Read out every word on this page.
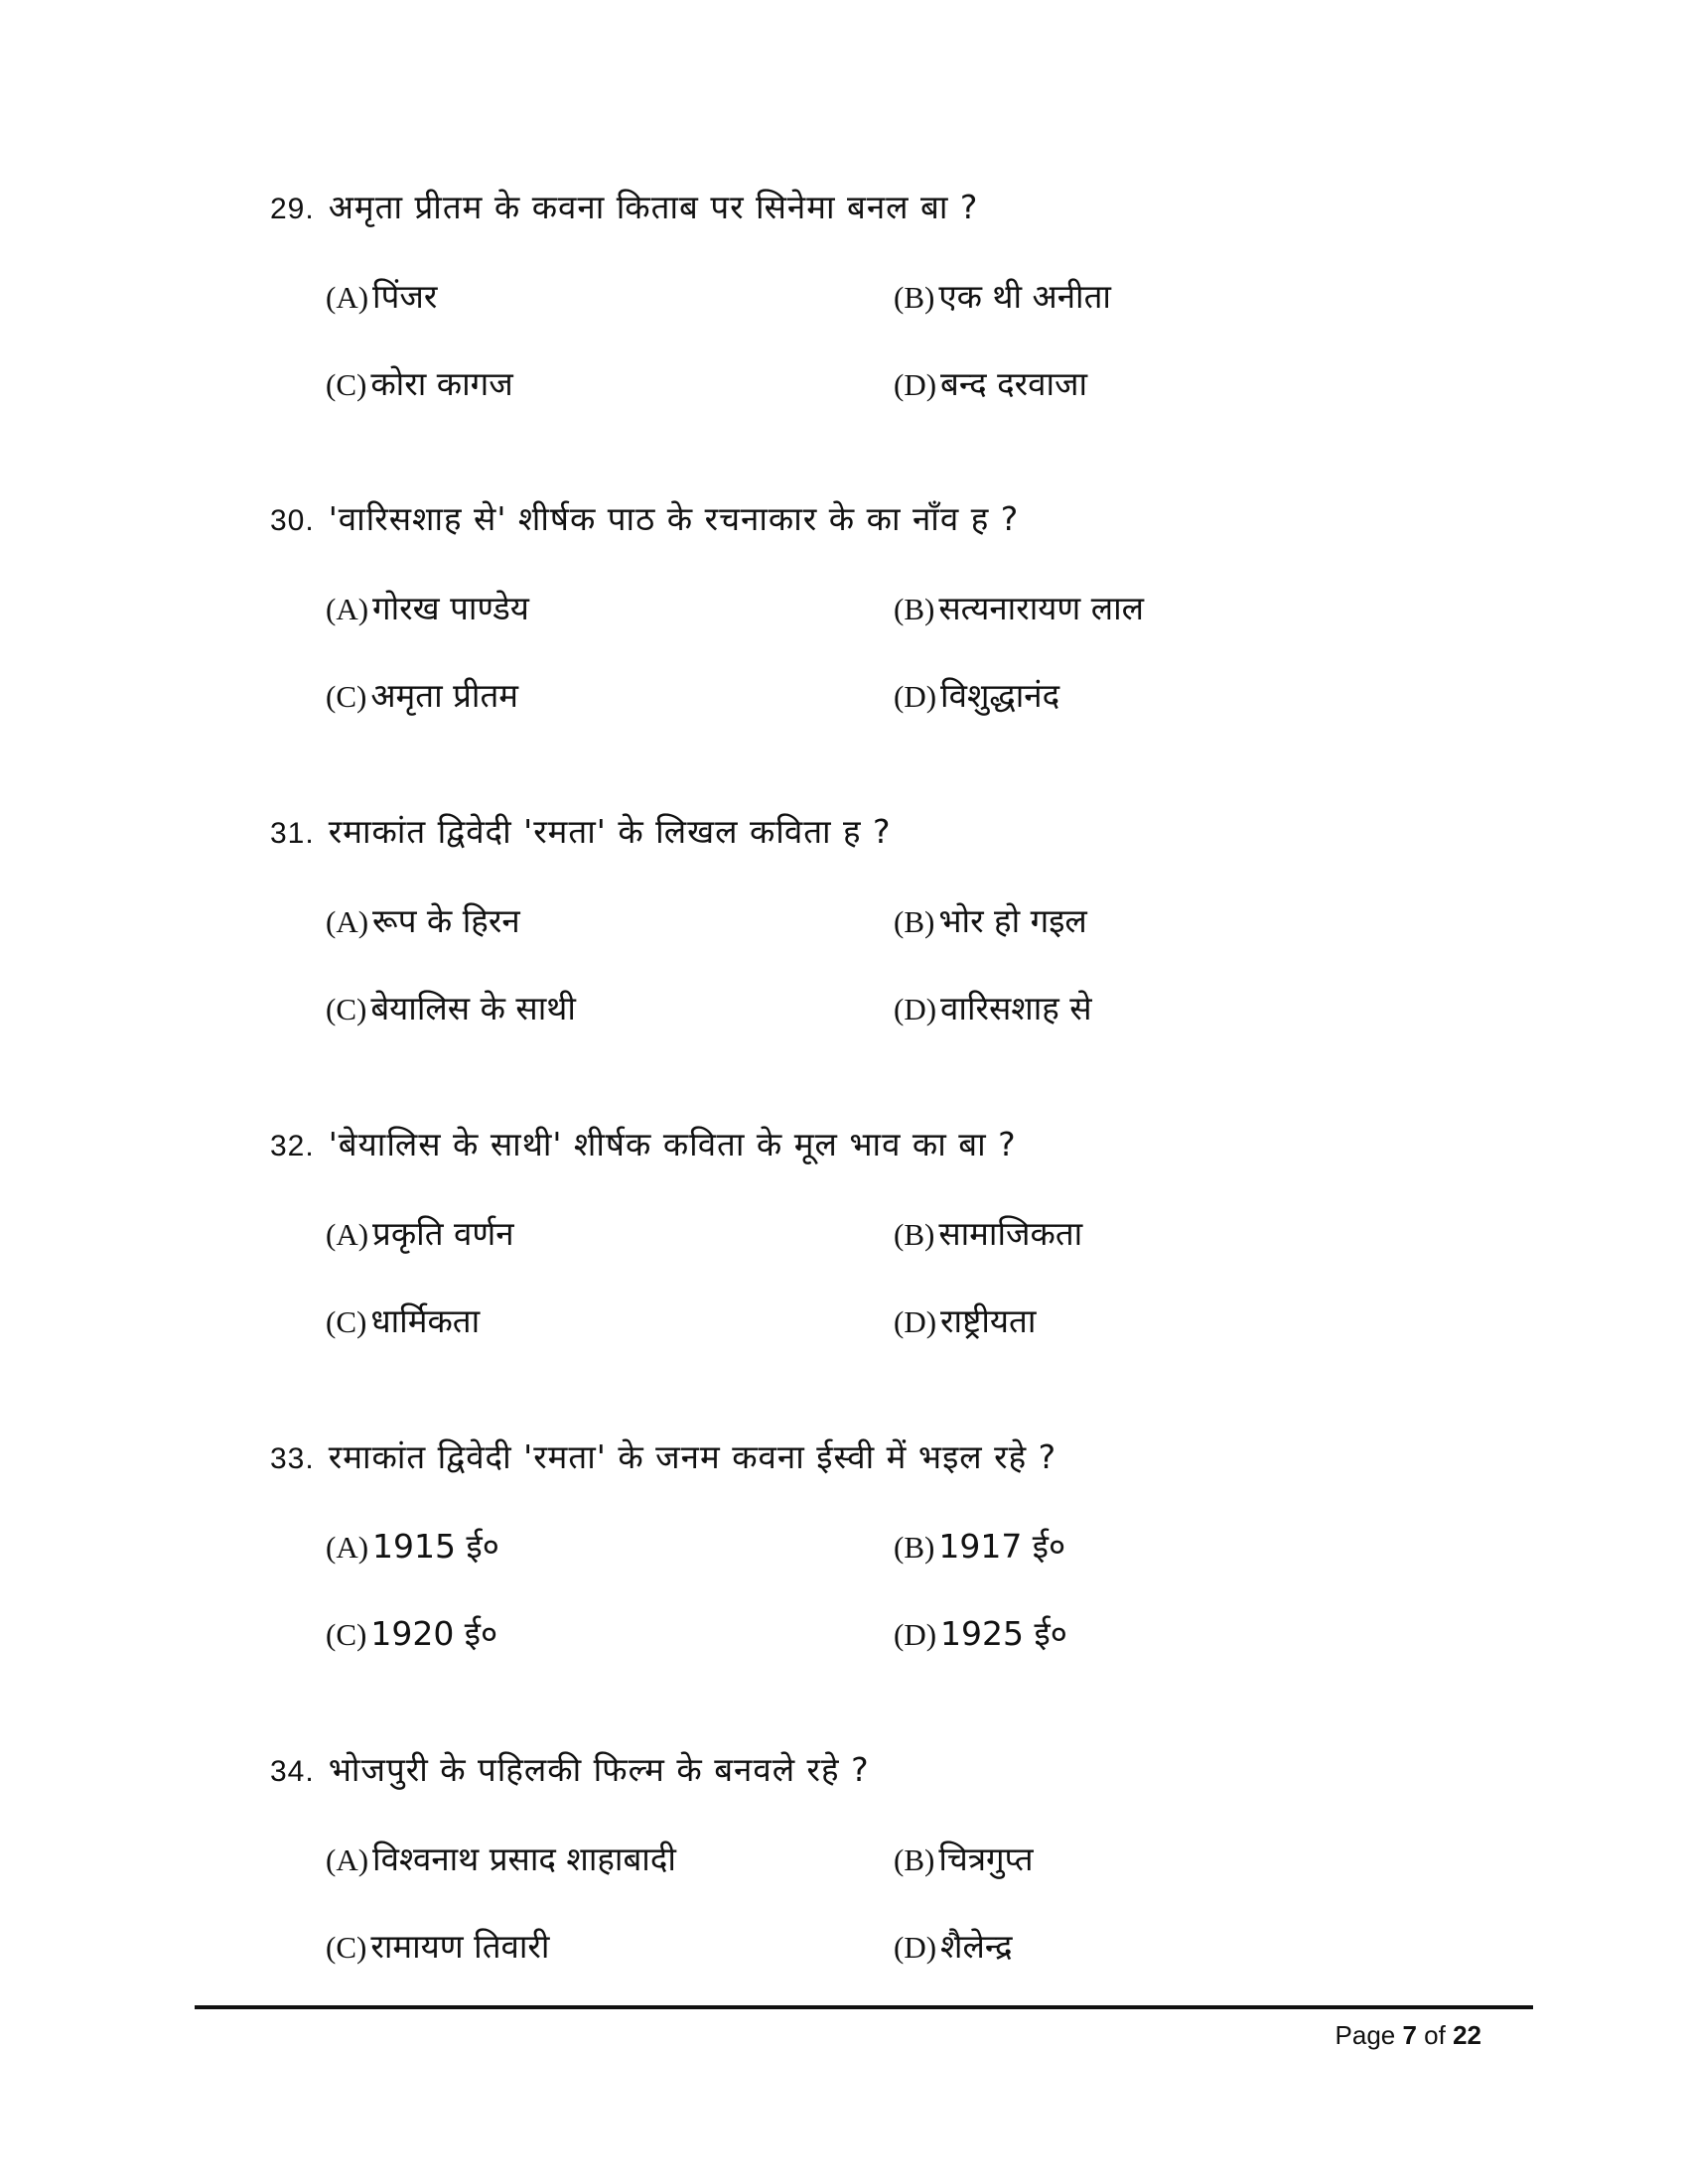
29. अमृता प्रीतम के कवना किताब पर सिनेमा बनल बा ?
(A) पिंजर	(B) एक थी अनीता
(C) कोरा कागज	(D) बन्द दरवाजा
30. 'वारिसशाह से' शीर्षक पाठ के रचनाकार के का नाँव ह ?
(A) गोरख पाण्डेय	(B) सत्यनारायण लाल
(C) अमृता प्रीतम	(D) विशुद्धानंद
31. रमाकांत द्विवेदी 'रमता' के लिखल कविता ह ?
(A) रूप के हिरन	(B) भोर हो गइल
(C) बेयालिस के साथी	(D) वारिसशाह से
32. 'बेयालिस के साथी' शीर्षक कविता के मूल भाव का बा ?
(A) प्रकृति वर्णन	(B) सामाजिकता
(C) धार्मिकता	(D) राष्ट्रीयता
33. रमाकांत द्विवेदी 'रमता' के जनम कवना ईस्वी में भइल रहे ?
(A) 1915 ई०	(B) 1917 ई०
(C) 1920 ई०	(D) 1925 ई०
34. भोजपुरी के पहिलकी फिल्म के बनवले रहे ?
(A) विश्वनाथ प्रसाद शाहाबादी	(B) चित्रगुप्त
(C) रामायण तिवारी	(D) शैलेन्द्र
Page 7 of 22
